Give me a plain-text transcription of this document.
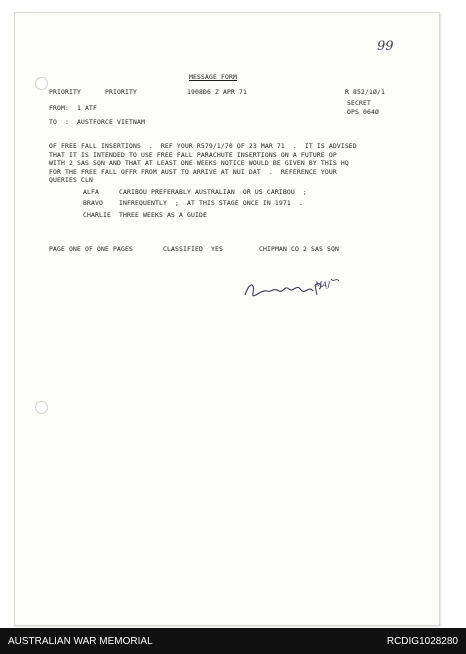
99
MESSAGE FORM
PRIORITY	PRIORITY	1908Ð6 Z APR 71	R 852/1Ø/1
SECRET
OPS 064Ø
FROM:  1 ATF
TO  :  AUSTFORCE VIETNAM
OF FREE FALL INSERTIONS  .  REF YOUR R579/1/70 OF 23 MAR 71  .  IT IS ADVISED
THAT IT IS INTENDED TO USE FREE FALL PARACHUTE INSERTIONS ON A FUTURE OP
WITH 2 SAS SQN AND THAT AT LEAST ONE WEEKS NOTICE WOULD BE GIVEN BY THIS HQ
FOR THE FREE FALL OFFR FROM AUST TO ARRIVE AT NUI DAT  .  REFERENCE YOUR
QUERIES CLN
ALFA	CARIBOU PREFERABLY AUSTRALIAN  OR US CARIBOU  ;
BRAVO	INFREQUENTLY  ;  AT THIS STAGE ONCE IN 1971  .
CHARLIE THREE WEEKS AS A GUIDE
PAGE ONE OF ONE PAGES	CLASSIFIED  YES	CHIPMAN CO 2 SAS SQN
MAJ
AUSTRALIAN WAR MEMORIAL	RCDIG1028280
